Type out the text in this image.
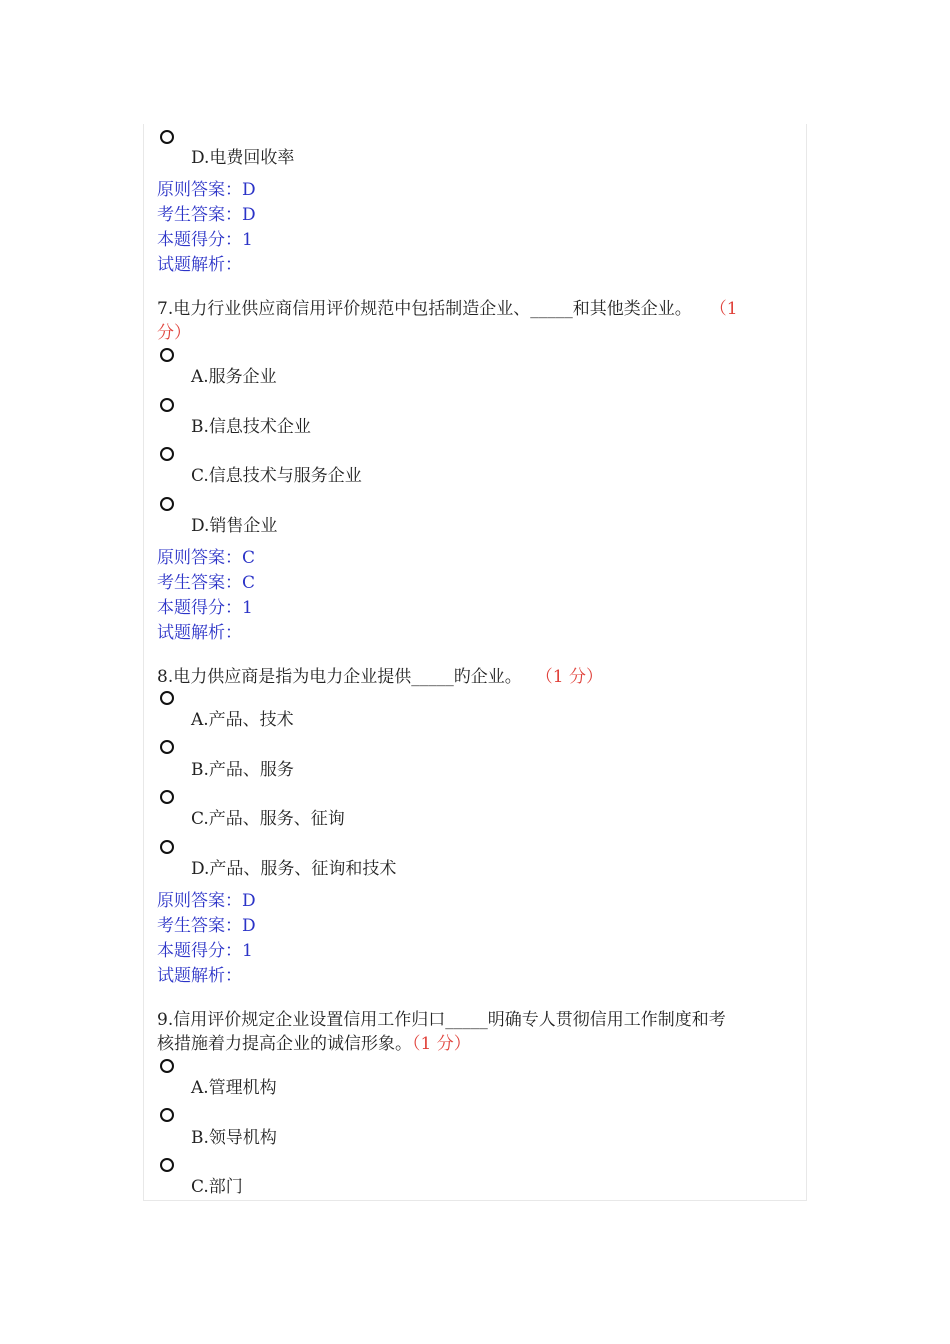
D.电费回收率
原则答案：D
考生答案：D
本题得分：1
试题解析：
7.电力行业供应商信用评价规范中包括制造企业、_____和其他类企业。 （1
分）
A.服务企业
B.信息技术企业
C.信息技术与服务企业
D.销售企业
原则答案：C
考生答案：C
本题得分：1
试题解析：
8.电力供应商是指为电力企业提供_____旳企业。 （1 分）
A.产品、技术
B.产品、服务
C.产品、服务、征询
D.产品、服务、征询和技术
原则答案：D
考生答案：D
本题得分：1
试题解析：
9.信用评价规定企业设置信用工作归口_____明确专人贯彻信用工作制度和考
核措施着力提高企业的诚信形象。（1 分）
A.管理机构
B.领导机构
C.部门
